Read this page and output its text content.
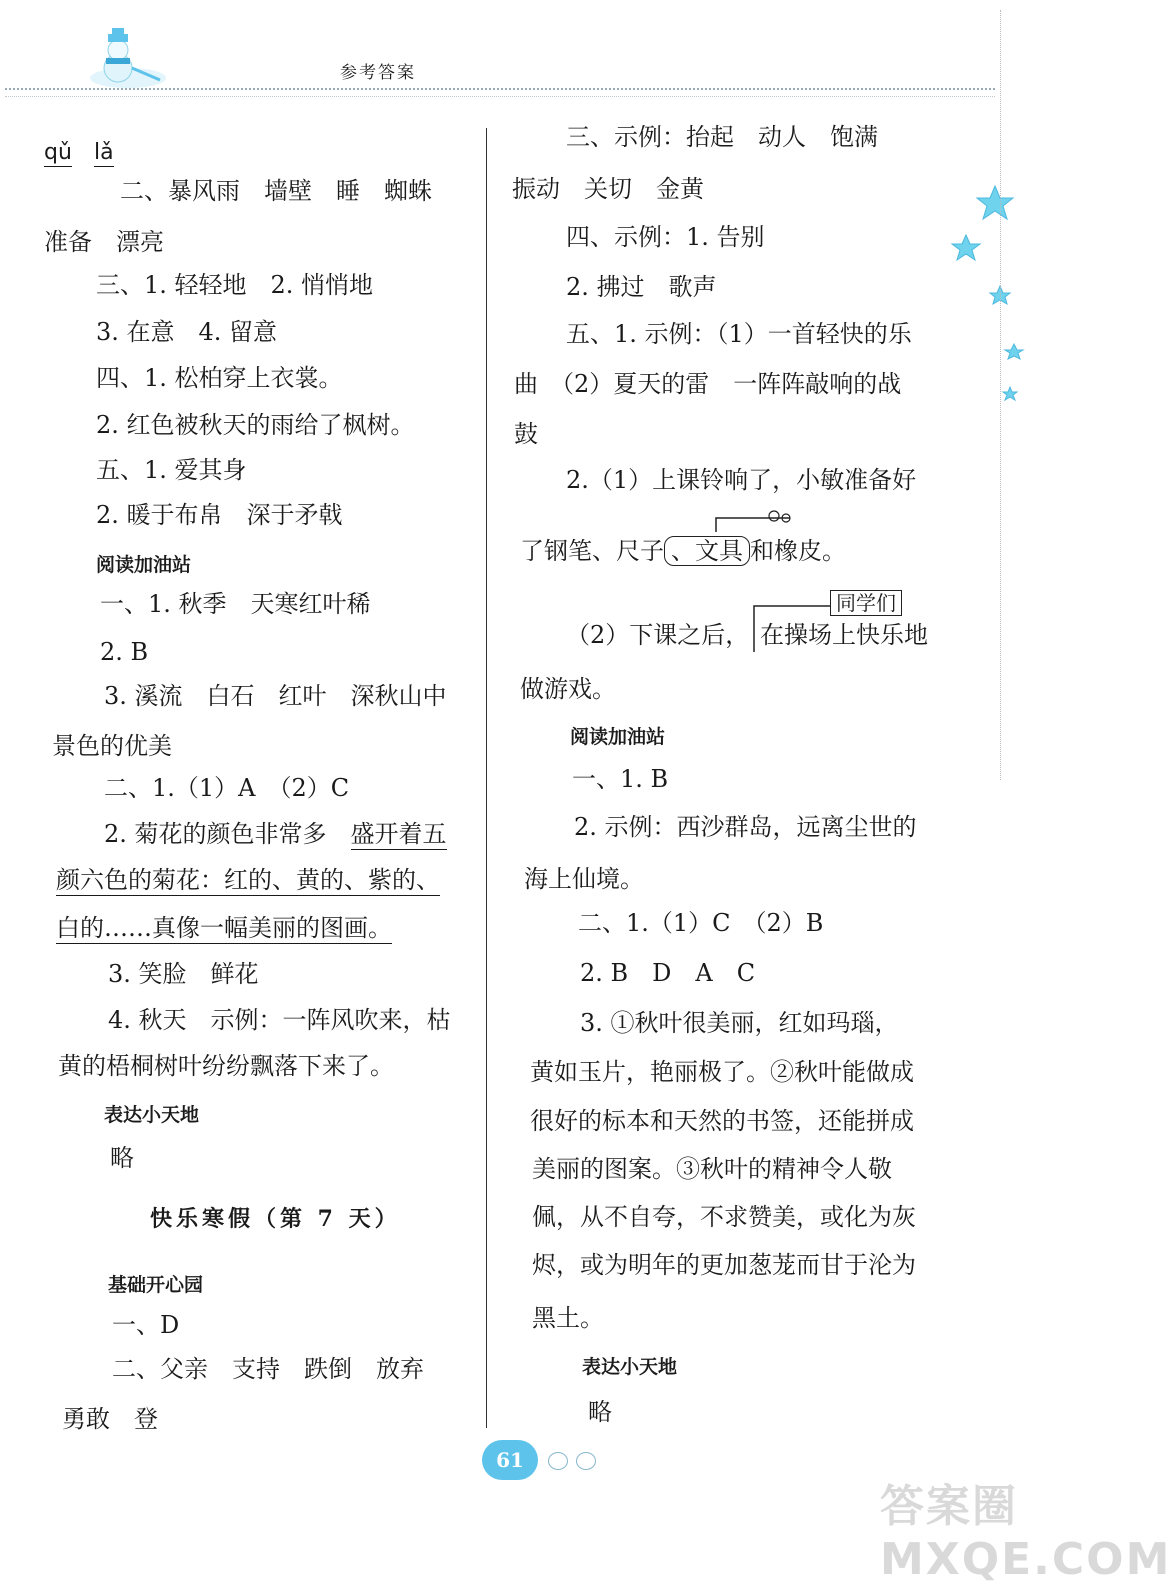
参考答案
qǔ lǎ
二、暴风雨　墙壁　睡　蜘蛛
准备　漂亮
三、1. 轻轻地　2. 悄悄地
3. 在意　4. 留意
四、1. 松柏穿上衣裳。
2. 红色被秋天的雨给了枫树。
五、1. 爱其身
2. 暖于布帛　深于矛戟
阅读加油站
一、1. 秋季　天寒红叶稀
2. B
3. 溪流　白石　红叶　深秋山中
景色的优美
二、1.（1）A　（2）C
2. 菊花的颜色非常多　盛开着五
颜六色的菊花：红的、黄的、紫的、
白的……真像一幅美丽的图画。
3. 笑脸　鲜花
4. 秋天　示例：一阵风吹来，枯
黄的梧桐树叶纷纷飘落下来了。
表达小天地
略
快乐寒假（第 7 天）
基础开心园
一、D
二、父亲　支持　跌倒　放弃
勇敢　登
三、示例：抬起　动人　饱满
振动　关切　金黄
四、示例：1. 告别
2. 拂过　歌声
五、1. 示例：（1）一首轻快的乐
曲　（2）夏天的雷　一阵阵敲响的战
鼓
2.（1）上课铃响了，小敏准备好
了钢笔、尺子 、文具 和橡皮。
同学们
（2）下课之后， 在操场上快乐地
做游戏。
阅读加油站
一、1. B
2. 示例：西沙群岛，远离尘世的
海上仙境。
二、1.（1）C　（2）B
2. B　D　A　C
3. ①秋叶很美丽，红如玛瑙，
黄如玉片，艳丽极了。②秋叶能做成
很好的标本和天然的书签，还能拼成
美丽的图案。③秋叶的精神令人敬
佩，从不自夸，不求赞美，或化为灰
烬，或为明年的更加葱茏而甘于沦为
黑土。
表达小天地
略
61
答案圈 MXQE.COM
